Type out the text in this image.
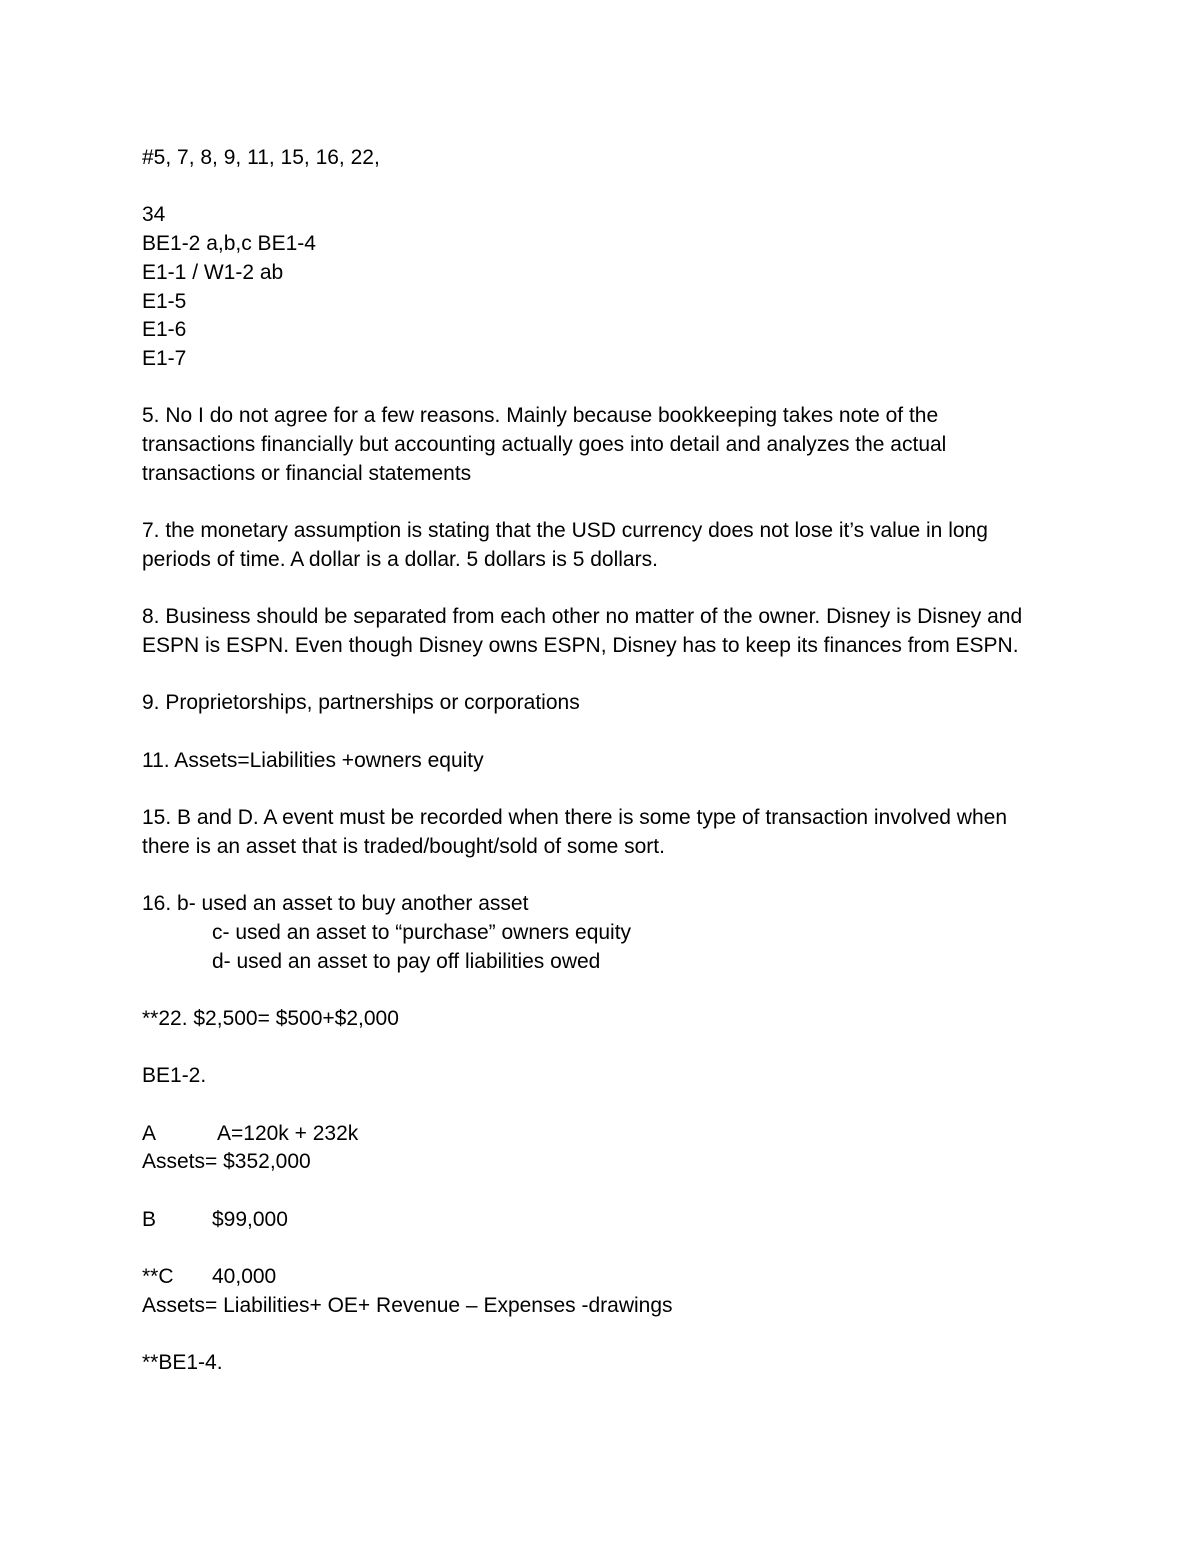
#5, 7, 8, 9, 11, 15, 16, 22,
34
BE1-2 a,b,c BE1-4
E1-1 / W1-2 ab
E1-5
E1-6
E1-7
5. No I do not agree for a few reasons. Mainly because bookkeeping takes note of the
transactions financially but accounting actually goes into detail and analyzes the actual
transactions or financial statements
7. the monetary assumption is stating that the USD currency does not lose it’s value in long
periods of time. A dollar is a dollar. 5 dollars is 5 dollars.
8. Business should be separated from each other no matter of the owner. Disney is Disney and
ESPN is ESPN. Even though Disney owns ESPN, Disney has to keep its finances from ESPN.
9. Proprietorships, partnerships or corporations
11. Assets=Liabilities +owners equity
15. B and D. A event must be recorded when there is some type of transaction involved when
there is an asset that is traded/bought/sold of some sort.
16. b- used an asset to buy another asset
c- used an asset to “purchase” owners equity
d- used an asset to pay off liabilities owed
**22. $2,500= $500+$2,000
BE1-2.
A	A=120k + 232k
Assets= $352,000
B	$99,000
**C 40,000
Assets= Liabilities+ OE+ Revenue – Expenses -drawings
**BE1-4.
